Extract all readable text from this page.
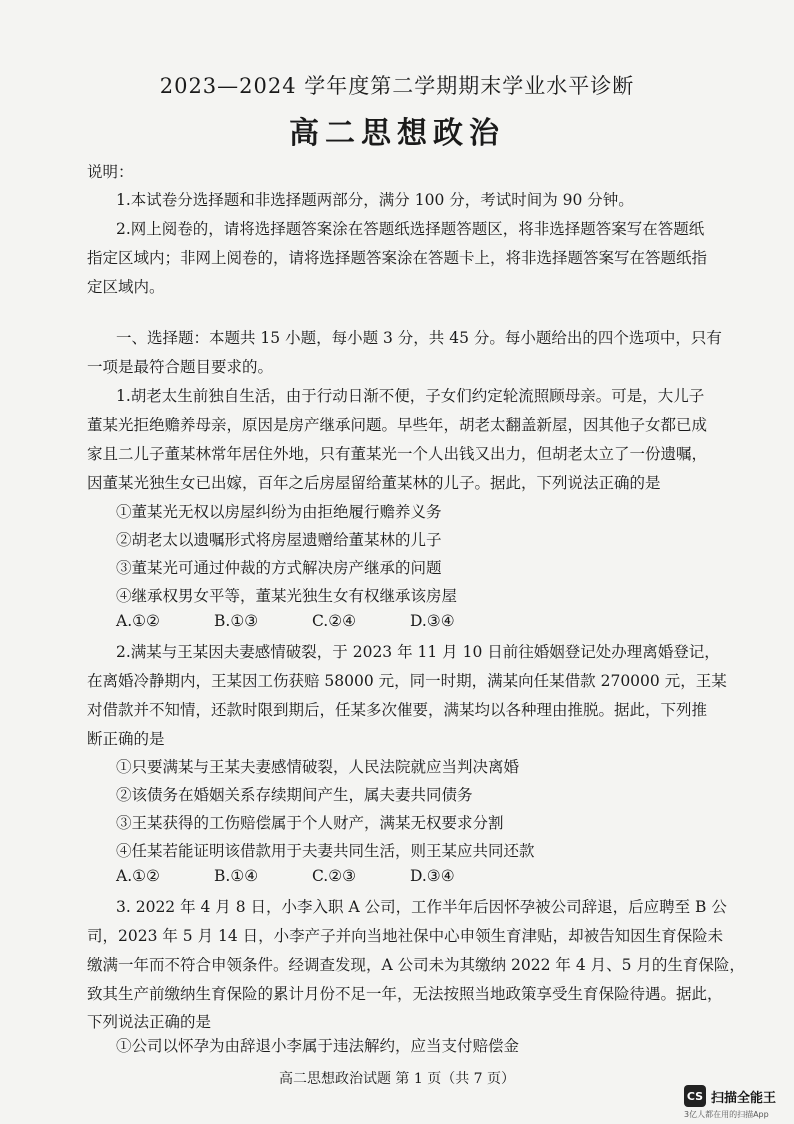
2023—2024 学年度第二学期期末学业水平诊断
高二思想政治
说明：
1.本试卷分选择题和非选择题两部分，满分 100 分，考试时间为 90 分钟。
2.网上阅卷的，请将选择题答案涂在答题纸选择题答题区，将非选择题答案写在答题纸
指定区域内；非网上阅卷的，请将选择题答案涂在答题卡上，将非选择题答案写在答题纸指
定区域内。
一、选择题：本题共 15 小题，每小题 3 分，共 45 分。每小题给出的四个选项中，只有
一项是最符合题目要求的。
1.胡老太生前独自生活，由于行动日渐不便，子女们约定轮流照顾母亲。可是，大儿子
董某光拒绝赡养母亲，原因是房产继承问题。早些年，胡老太翻盖新屋，因其他子女都已成
家且二儿子董某林常年居住外地，只有董某光一个人出钱又出力，但胡老太立了一份遗嘱，
因董某光独生女已出嫁，百年之后房屋留给董某林的儿子。据此，下列说法正确的是
①董某光无权以房屋纠纷为由拒绝履行赡养义务
②胡老太以遗嘱形式将房屋遗赠给董某林的儿子
③董某光可通过仲裁的方式解决房产继承的问题
④继承权男女平等，董某光独生女有权继承该房屋
A.①②	B.①③	C.②④	D.③④
2.满某与王某因夫妻感情破裂，于 2023 年 11 月 10 日前往婚姻登记处办理离婚登记，
在离婚冷静期内，王某因工伤获赔 58000 元，同一时期，满某向任某借款 270000 元，王某
对借款并不知情，还款时限到期后，任某多次催要，满某均以各种理由推脱。据此，下列推
断正确的是
①只要满某与王某夫妻感情破裂，人民法院就应当判决离婚
②该债务在婚姻关系存续期间产生，属夫妻共同债务
③王某获得的工伤赔偿属于个人财产，满某无权要求分割
④任某若能证明该借款用于夫妻共同生活，则王某应共同还款
A.①②	B.①④	C.②③	D.③④
3. 2022 年 4 月 8 日，小李入职 A 公司，工作半年后因怀孕被公司辞退，后应聘至 B 公
司，2023 年 5 月 14 日，小李产子并向当地社保中心申领生育津贴，却被告知因生育保险未
缴满一年而不符合申领条件。经调查发现，A 公司未为其缴纳 2022 年 4 月、5 月的生育保险，
致其生产前缴纳生育保险的累计月份不足一年，无法按照当地政策享受生育保险待遇。据此，
下列说法正确的是
高二思想政治试题 第 1 页（共 7 页）
CS 扫描全能王
3亿人都在用的扫描App
①公司以怀孕为由辞退小李属于违法解约，应当支付赔偿金
